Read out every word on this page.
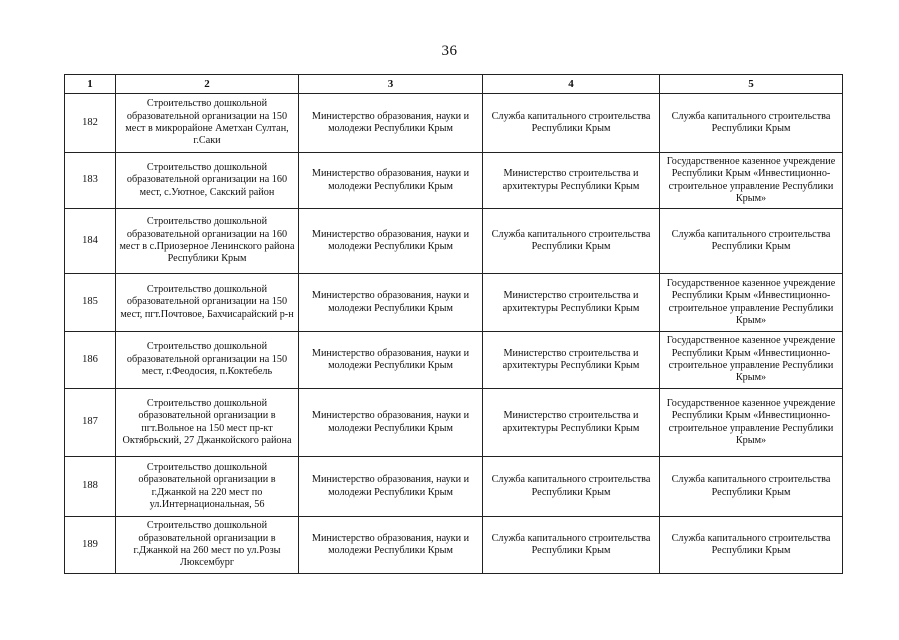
36
1	2	3	4	5
182	Строительство дошкольной образовательной организации на 150 мест в микрорайоне Аметхан Султан, г.Саки	Министерство образования, науки и молодежи Республики Крым	Служба капитального строительства Республики Крым	Служба капитального строительства Республики Крым
183	Строительство дошкольной образовательной организации на 160 мест, с.Уютное, Сакский район	Министерство образования, науки и молодежи Республики Крым	Министерство строительства и архитектуры Республики Крым	Государственное казенное учреждение Республики Крым «Инвестиционно-строительное управление Республики Крым»
184	Строительство дошкольной образовательной организации на 160 мест в с.Приозерное Ленинского района Республики Крым	Министерство образования, науки и молодежи Республики Крым	Служба капитального строительства Республики Крым	Служба капитального строительства Республики Крым
185	Строительство дошкольной образовательной организации на 150 мест, пгт.Почтовое, Бахчисарайский р-н	Министерство образования, науки и молодежи Республики Крым	Министерство строительства и архитектуры Республики Крым	Государственное казенное учреждение Республики Крым «Инвестиционно-строительное управление Республики Крым»
186	Строительство дошкольной образовательной организации на 150 мест, г.Феодосия, п.Коктебель	Министерство образования, науки и молодежи Республики Крым	Министерство строительства и архитектуры Республики Крым	Государственное казенное учреждение Республики Крым «Инвестиционно-строительное управление Республики Крым»
187	Строительство дошкольной образовательной организации в пгт.Вольное на 150 мест пр-кт Октябрьский, 27 Джанкойского района	Министерство образования, науки и молодежи Республики Крым	Министерство строительства и архитектуры Республики Крым	Государственное казенное учреждение Республики Крым «Инвестиционно-строительное управление Республики Крым»
188	Строительство дошкольной образовательной организации в г.Джанкой на 220 мест по ул.Интернациональная, 56	Министерство образования, науки и молодежи Республики Крым	Служба капитального строительства Республики Крым	Служба капитального строительства Республики Крым
189	Строительство дошкольной образовательной организации в г.Джанкой на 260 мест по ул.Розы Люксембург	Министерство образования, науки и молодежи Республики Крым	Служба капитального строительства Республики Крым	Служба капитального строительства Республики Крым
